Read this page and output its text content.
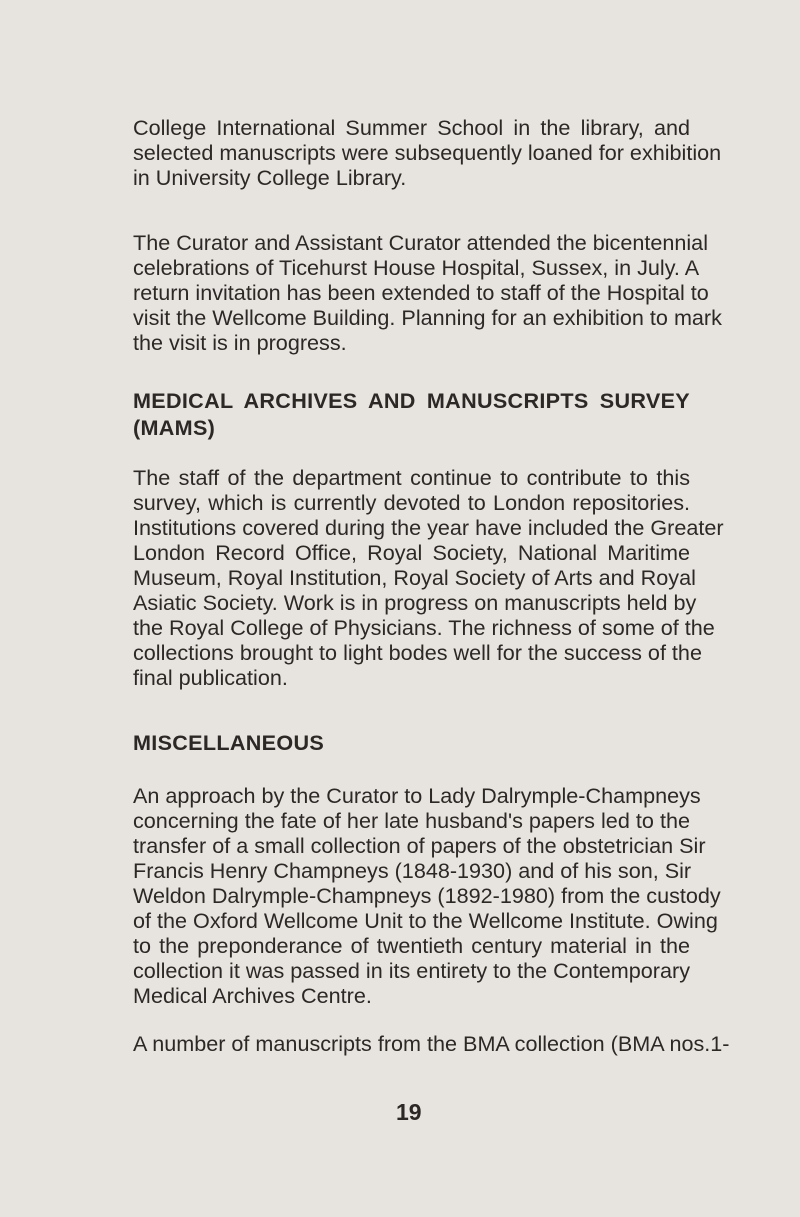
College International Summer School in the library, and
selected manuscripts were subsequently loaned for exhibition
in University College Library.
The Curator and Assistant Curator attended the bicentennial
celebrations of Ticehurst House Hospital, Sussex, in July. A
return invitation has been extended to staff of the Hospital to
visit the Wellcome Building. Planning for an exhibition to mark
the visit is in progress.
MEDICAL ARCHIVES AND MANUSCRIPTS SURVEY
(MAMS)
The staff of the department continue to contribute to this
survey, which is currently devoted to London repositories.
Institutions covered during the year have included the Greater
London Record Office, Royal Society, National Maritime
Museum, Royal Institution, Royal Society of Arts and Royal
Asiatic Society. Work is in progress on manuscripts held by
the Royal College of Physicians. The richness of some of the
collections brought to light bodes well for the success of the
final publication.
MISCELLANEOUS
An approach by the Curator to Lady Dalrymple-Champneys
concerning the fate of her late husband's papers led to the
transfer of a small collection of papers of the obstetrician Sir
Francis Henry Champneys (1848-1930) and of his son, Sir
Weldon Dalrymple-Champneys (1892-1980) from the custody
of the Oxford Wellcome Unit to the Wellcome Institute. Owing
to the preponderance of twentieth century material in the
collection it was passed in its entirety to the Contemporary
Medical Archives Centre.
A number of manuscripts from the BMA collection (BMA nos.1-
19
